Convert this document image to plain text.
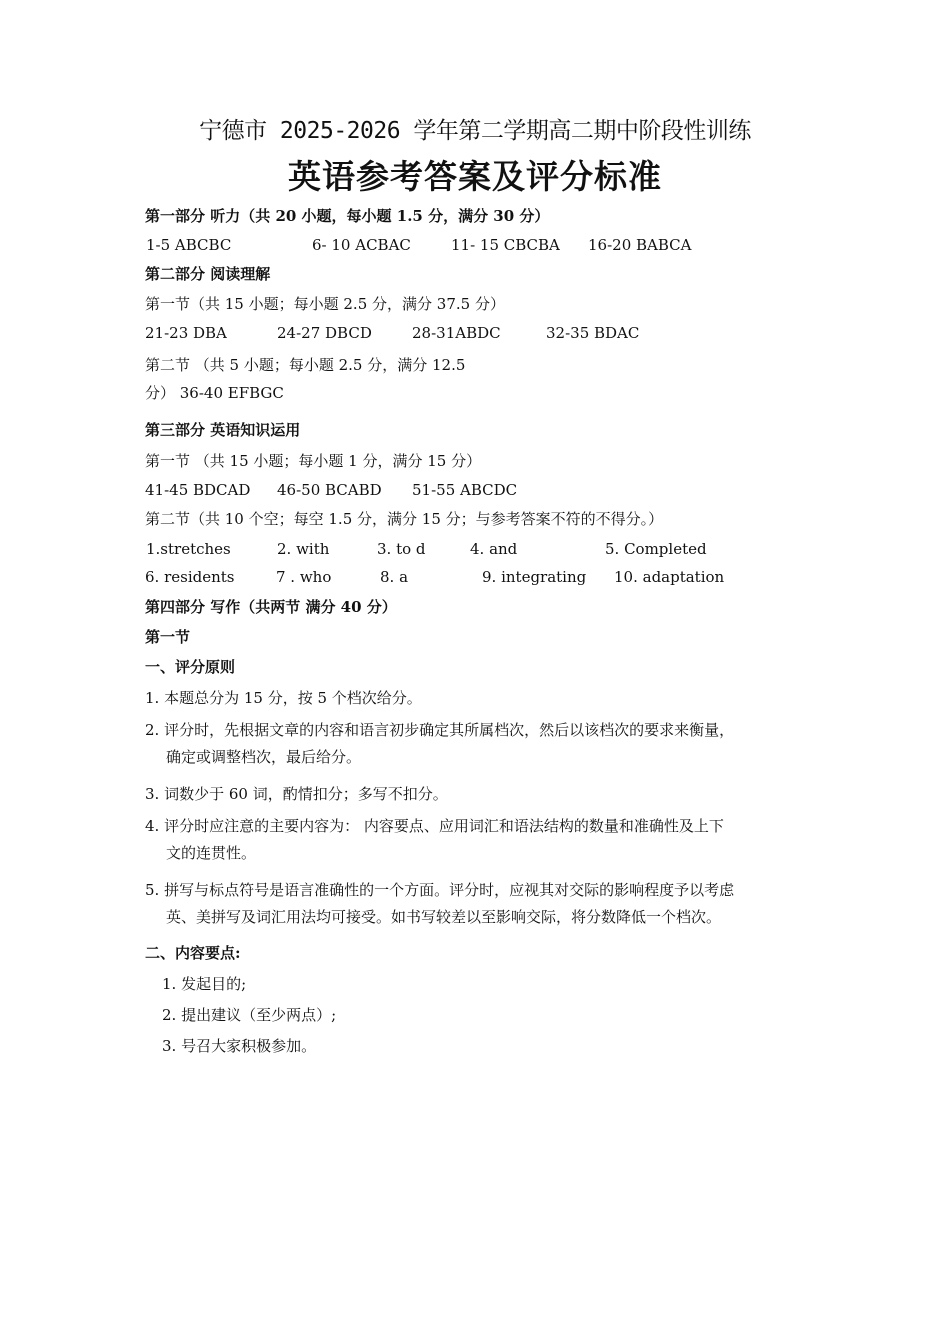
宁德市 2025-2026 学年第二学期高二期中阶段性训练
英语参考答案及评分标准
第一部分 听力（共 20 小题，每小题 1.5 分，满分 30 分）
1-5 ABCBC	6- 10 ACBAC	11- 15 CBCBA 16-20 BABCA
第二部分 阅读理解
第一节（共 15 小题；每小题 2.5 分，满分 37.5 分）
21-23 DBA	24-27 DBCD	28-31ABDC	32-35 BDAC
第二节 （共 5 小题；每小题 2.5 分，满分 12.5
分） 36-40 EFBGC
第三部分 英语知识运用
第一节 （共 15 小题；每小题 1 分，满分 15 分）
41-45 BDCAD 46-50 BCABD 51-55 ABCDC
第二节（共 10 个空；每空 1.5 分，满分 15 分；与参考答案不符的不得分。）
1.stretches	2. with	3. to d	4. and	5. Completed
6. residents	7 . who	8. a	9. integrating 10. adaptation
第四部分 写作（共两节 满分 40 分）
第一节
一、评分原则
1. 本题总分为 15 分，按 5 个档次给分。
2. 评分时，先根据文章的内容和语言初步确定其所属档次，然后以该档次的要求来衡量，
确定或调整档次，最后给分。
3. 词数少于 60 词，酌情扣分；多写不扣分。
4. 评分时应注意的主要内容为： 内容要点、应用词汇和语法结构的数量和准确性及上下
文的连贯性。
5. 拼写与标点符号是语言准确性的一个方面。评分时，应视其对交际的影响程度予以考虑
英、美拼写及词汇用法均可接受。如书写较差以至影响交际，将分数降低一个档次。
二、内容要点:
1. 发起目的;
2. 提出建议（至少两点）;
3. 号召大家积极参加。
